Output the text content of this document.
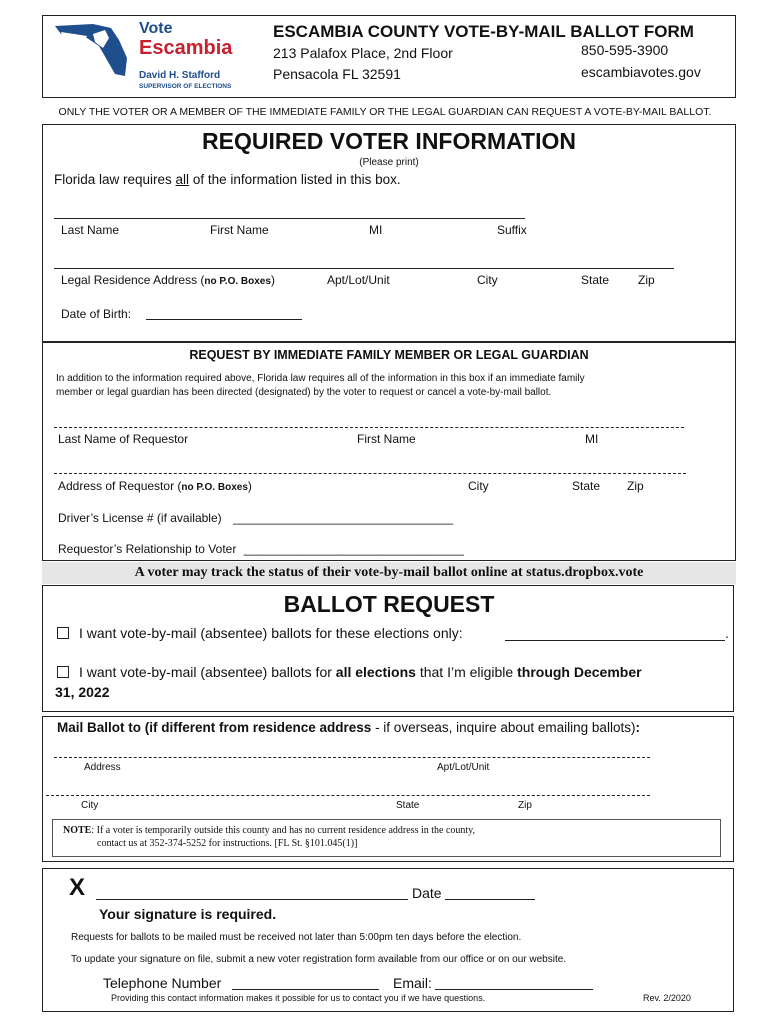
Vote
Escambia
David H. Stafford
SUPERVISOR OF ELECTIONS
ESCAMBIA COUNTY VOTE-BY-MAIL BALLOT FORM
213 Palafox Place, 2nd Floor
Pensacola FL 32591
850-595-3900
escambiavotes.gov
ONLY THE VOTER OR A MEMBER OF THE IMMEDIATE FAMILY OR THE LEGAL GUARDIAN CAN REQUEST A VOTE-BY-MAIL BALLOT.
REQUIRED VOTER INFORMATION
(Please print)
Florida law requires all of the information listed in this box.
Last Name	First Name	MI	Suffix
Legal Residence Address (no P.O. Boxes)	Apt/Lot/Unit	City	State Zip
Date of Birth:
REQUEST BY IMMEDIATE FAMILY MEMBER OR LEGAL GUARDIAN
In addition to the information required above, Florida law requires all of the information in this box if an immediate family
member or legal guardian has been directed (designated) by the voter to request or cancel a vote-by-mail ballot.
Last Name of Requestor	First Name	MI
Address of Requestor (no P.O. Boxes)	City	State Zip
Driver’s License # (if available) _________________________________
Requestor’s Relationship to Voter _________________________________
A voter may track the status of their vote-by-mail ballot online at status.dropbox.vote
BALLOT REQUEST
I want vote-by-mail (absentee) ballots for these elections only:	.
I want vote-by-mail (absentee) ballots for all elections that I’m eligible through December
31, 2022
Mail Ballot to (if different from residence address - if overseas, inquire about emailing ballots):
Address	Apt/Lot/Unit
City	State	Zip
NOTE: If a voter is temporarily outside this county and has no current residence address in the county,
contact us at 352-374-5252 for instructions. [FL St. §101.045(1)]
X	Date
Your signature is required.
Requests for ballots to be mailed must be received not later than 5:00pm ten days before the election.
To update your signature on file, submit a new voter registration form available from our office or on our website.
Telephone Number	Email:
Providing this contact information makes it possible for us to contact you if we have questions.	Rev. 2/2020
